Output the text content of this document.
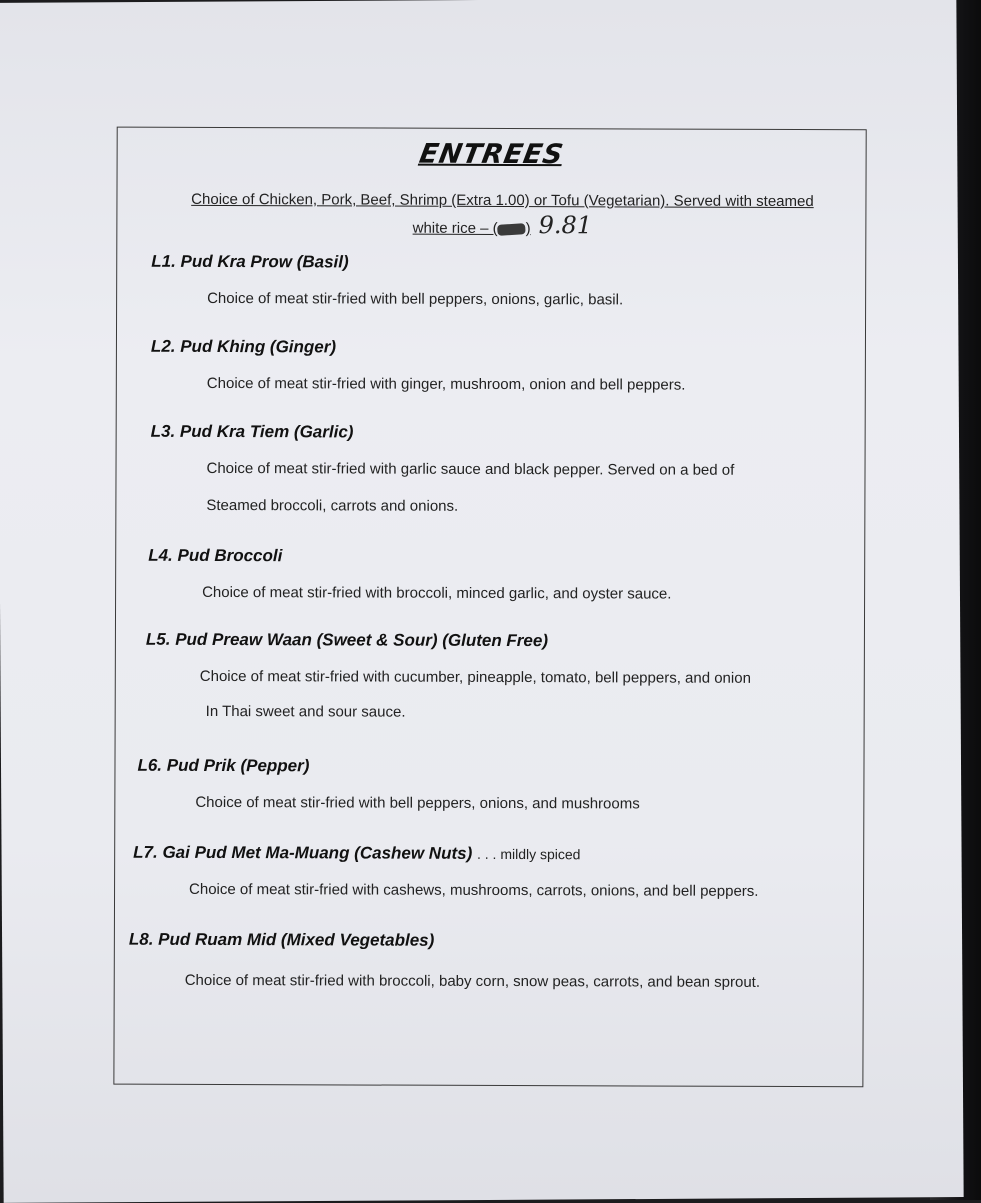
ENTREES
Choice of Chicken, Pork, Beef, Shrimp (Extra 1.00) or Tofu (Vegetarian). Served with steamed
white rice – ( ) 9.81
L1. Pud Kra Prow (Basil)
Choice of meat stir-fried with bell peppers, onions, garlic, basil.
L2. Pud Khing (Ginger)
Choice of meat stir-fried with ginger, mushroom, onion and bell peppers.
L3. Pud Kra Tiem (Garlic)
Choice of meat stir-fried with garlic sauce and black pepper. Served on a bed of
Steamed broccoli, carrots and onions.
L4. Pud Broccoli
Choice of meat stir-fried with broccoli, minced garlic, and oyster sauce.
L5. Pud Preaw Waan (Sweet & Sour) (Gluten Free)
Choice of meat stir-fried with cucumber, pineapple, tomato, bell peppers, and onion
In Thai sweet and sour sauce.
L6. Pud Prik (Pepper)
Choice of meat stir-fried with bell peppers, onions, and mushrooms
L7. Gai Pud Met Ma-Muang (Cashew Nuts) . . . mildly spiced
Choice of meat stir-fried with cashews, mushrooms, carrots, onions, and bell peppers.
L8. Pud Ruam Mid (Mixed Vegetables)
Choice of meat stir-fried with broccoli, baby corn, snow peas, carrots, and bean sprout.
